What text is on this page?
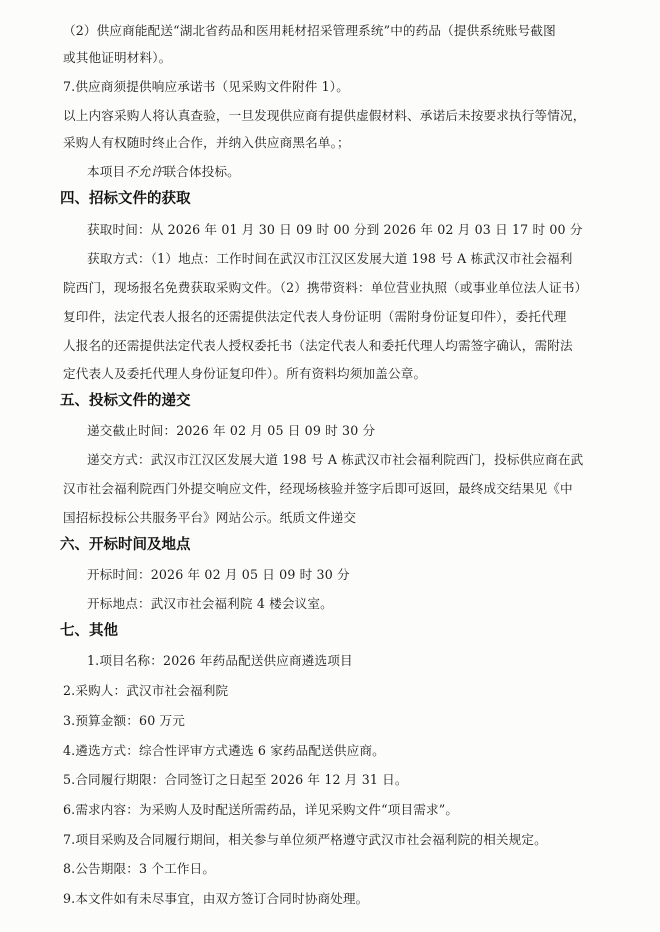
（2）供应商能配送“湖北省药品和医用耗材招采管理系统”中的药品（提供系统账号截图
或其他证明材料）。
7.供应商须提供响应承诺书（见采购文件附件 1）。
以上内容采购人将认真查验，一旦发现供应商有提供虚假材料、承诺后未按要求执行等情况，
采购人有权随时终止合作，并纳入供应商黑名单。；
本项目不允许联合体投标。
四、招标文件的获取
获取时间：从 2026 年 01 月 30 日 09 时 00 分到 2026 年 02 月 03 日 17 时 00 分
获取方式：（1）地点：工作时间在武汉市江汉区发展大道 198 号 A 栋武汉市社会福利
院西门，现场报名免费获取采购文件。（2）携带资料：单位营业执照（或事业单位法人证书）
复印件，法定代表人报名的还需提供法定代表人身份证明（需附身份证复印件），委托代理
人报名的还需提供法定代表人授权委托书（法定代表人和委托代理人均需签字确认，需附法
定代表人及委托代理人身份证复印件）。所有资料均须加盖公章。
五、投标文件的递交
递交截止时间：2026 年 02 月 05 日 09 时 30 分
递交方式：武汉市江汉区发展大道 198 号 A 栋武汉市社会福利院西门，投标供应商在武
汉市社会福利院西门外提交响应文件，经现场核验并签字后即可返回，最终成交结果见《中
国招标投标公共服务平台》网站公示。纸质文件递交
六、开标时间及地点
开标时间：2026 年 02 月 05 日 09 时 30 分
开标地点：武汉市社会福利院 4 楼会议室。
七、其他
1.项目名称：2026 年药品配送供应商遴选项目
2.采购人：武汉市社会福利院
3.预算金额：60 万元
4.遴选方式：综合性评审方式遴选 6 家药品配送供应商。
5.合同履行期限：合同签订之日起至 2026 年 12 月 31 日。
6.需求内容：为采购人及时配送所需药品，详见采购文件“项目需求”。
7.项目采购及合同履行期间，相关参与单位须严格遵守武汉市社会福利院的相关规定。
8.公告期限：3 个工作日。
9.本文件如有未尽事宜，由双方签订合同时协商处理。
